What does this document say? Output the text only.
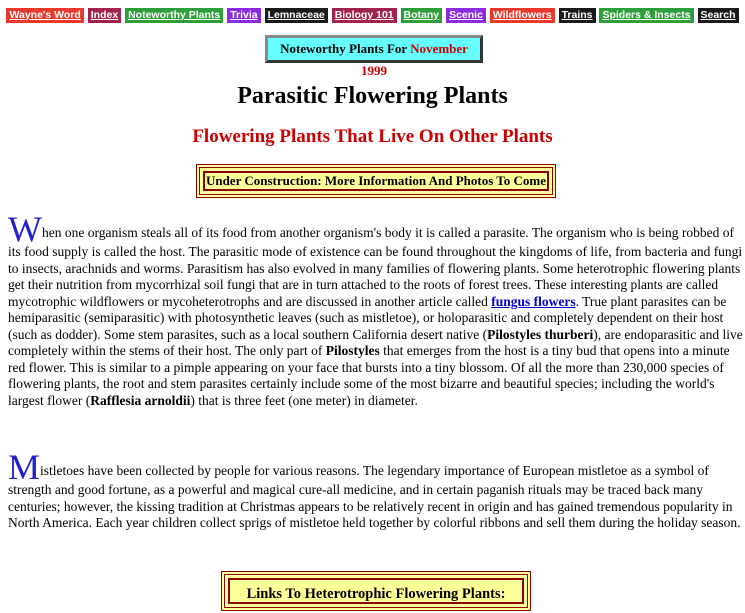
Wayne's Word Index Noteworthy Plants Trivia Lemnaceae Biology 101 Botany Scenic Wildflowers Trains Spiders & Insects Search
Noteworthy Plants For November 1999
Parasitic Flowering Plants
Flowering Plants That Live On Other Plants
Under Construction: More Information And Photos To Come

When one organism steals all of its food from another organism's body it is called a parasite. The organism who is being robbed of its food supply is called the host. The parasitic mode of existence can be found throughout the kingdoms of life, from bacteria and fungi to insects, arachnids and worms. Parasitism has also evolved in many families of flowering plants. Some heterotrophic flowering plants get their nutrition from mycorrhizal soil fungi that are in turn attached to the roots of forest trees. These interesting plants are called mycotrophic wildflowers or mycoheterotrophs and are discussed in another article called fungus flowers. True plant parasites can be hemiparasitic (semiparasitic) with photosynthetic leaves (such as mistletoe), or holoparasitic and completely dependent on their host (such as dodder). Some stem parasites, such as a local southern California desert native (Pilostyles thurberi), are endoparasitic and live completely within the stems of their host. The only part of Pilostyles that emerges from the host is a tiny bud that opens into a minute red flower. This is similar to a pimple appearing on your face that bursts into a tiny blossom. Of all the more than 230,000 species of flowering plants, the root and stem parasites certainly include some of the most bizarre and beautiful species; including the world's largest flower (Rafflesia arnoldii) that is three feet (one meter) in diameter.

Mistletoes have been collected by people for various reasons. The legendary importance of European mistletoe as a symbol of strength and good fortune, as a powerful and magical cure-all medicine, and in certain paganish rituals may be traced back many centuries; however, the kissing tradition at Christmas appears to be relatively recent in origin and has gained tremendous popularity in North America. Each year children collect sprigs of mistletoe held together by colorful ribbons and sell them during the holiday season.

Links To Heterotrophic Flowering Plants:
